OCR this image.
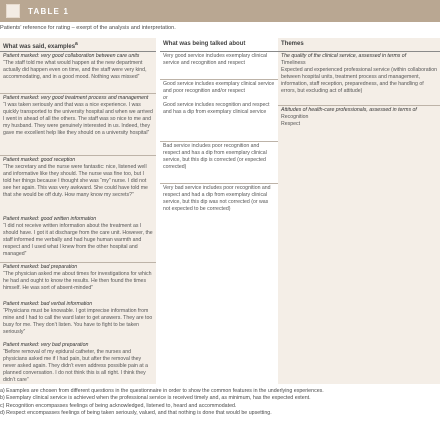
TABLE 1
Patients’ reference for rating – exerpt of the analysis and interpretation.
What was said, examples$^a$
Patient marked: very good collaboration between care units
“The staff told me what would happen at the new department actually did happen even on time, and the staff were very kind, accommodating, and in a good mood. Nothing was missed”
Patient marked: very good treatment process and management
“I was taken seriously and that was a nice experience. I was quickly transported to the university hospital and when we arrived I went in ahead of all the others. The staff was so nice to me and my husband. They were genuinely interested in us. Indeed, they gave me excellent help like they should on a university hospital”
Patient marked: good reception
“The secretary and the nurse were fantastic: nice, listened well and informative like they should. The nurse was fine too, but I told her things because I thought she was “my” nurse. I did not see her again. This was very awkward. She could have told me that she would be off duty. How many know my secrets?”
Patient marked: good written information
“I did not receive written information about the treatment as I should have. I got it at discharge from the care unit. However, the staff informed me verbally and had huge human warmth and respect and I used what I knew from the other hospital and managed”
Patient marked: bad preparation
“The physician asked me about times for investigations for which he had and ought to know the results. He then found the times himself. He was sort of absent-minded”
Patient marked: bad verbal information
“Physicians must be knowable. I got imprecise information from mine and I had to call the ward later to get answers. They are too busy for me. They don’t listen. You have to fight to be taken seriously”
Patient marked: very bad preparation
“Before removal of my epidural catheter, the nurses and physicians asked me if I had pain, but after the removal they never asked again. They didn’t even address possible pain at a planned conversation. I do not think this is all right. I think they didn’t care”
What was being talked about
Very good service includes exemplary clinical service and recognition and respect
Good service includes exemplary clinical service and poor recognition and/or respect
or
Good service includes recognition and respect and has a dip from exemplary clinical service
Bad service includes poor recognition and respect and has a dip from exemplary clinical service, but this dip is corrected (or expected corrected)
Very bad service includes poor recognition and respect and had a dip from exemplary clinical service, but this dip was not corrected (or was not expected to be corrected)
Themes
The quality of the clinical service, assessed in terms of
Timeliness
Expected and experienced professional service (within collaboration between hospital units, treatment process and management, information, staff reception, preparedness, and the handling of errors, but excluding act of attitude)
Attitudes of health-care professionals, assessed in terms of
Recognition
Respect
a) Examples are chosen from different questions in the questionnaire in order to show the common features in the underlying experiences.
b) Exemplary clinical service is achieved when the professional service is received timely and, as minimum, has the expected extent.
c) Recognition encompasses feelings of being acknowledged, listened to, heard and accommodated.
d) Respect encompasses feelings of being taken seriously, valued, and that nothing is done that would be upsetting.
